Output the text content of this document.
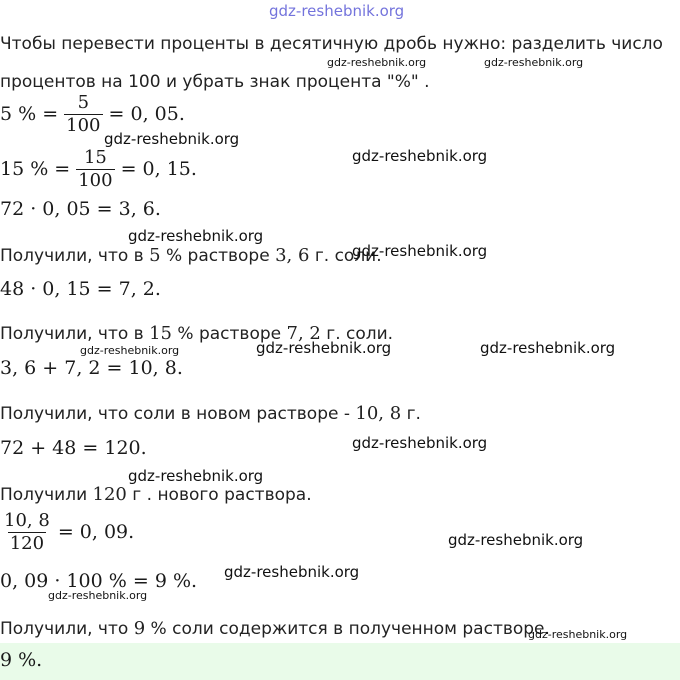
gdz-reshebnik.org
Чтобы перевести проценты в десятичную дробь нужно: разделить число
процентов на 100 и убрать знак процента "%" .
gdz-reshebnik.org	gdz-reshebnik.org
5 % = $\frac{5}{100} = 0$, 05.
gdz-reshebnik.org
15 % = $\frac{15}{100} = 0$, 15.
gdz-reshebnik.org
72 · 0, 05 = 3, 6.
gdz-reshebnik.org
Получили, что в 5 % растворе 3, 6 г. соли.
gdz-reshebnik.org
48 · 0, 15 = 7, 2.
Получили, что в 15 % растворе 7, 2 г. соли.
gdz-reshebnik.org	gdz-reshebnik.org	gdz-reshebnik.org
3, 6 + 7, 2 = 10, 8.
Получили, что соли в новом растворе - 10, 8 г.
72 + 48 = 120.	gdz-reshebnik.org
gdz-reshebnik.org
Получили 120 г . нового раствора.
$\frac{10, 8}{120} = 0$, 09.	gdz-reshebnik.org
0, 09 · 100 % = 9 %. gdz-reshebnik.org
gdz-reshebnik.org
Получили, что 9 % соли содержится в полученном растворе.
gdz-reshebnik.org
9 %.
